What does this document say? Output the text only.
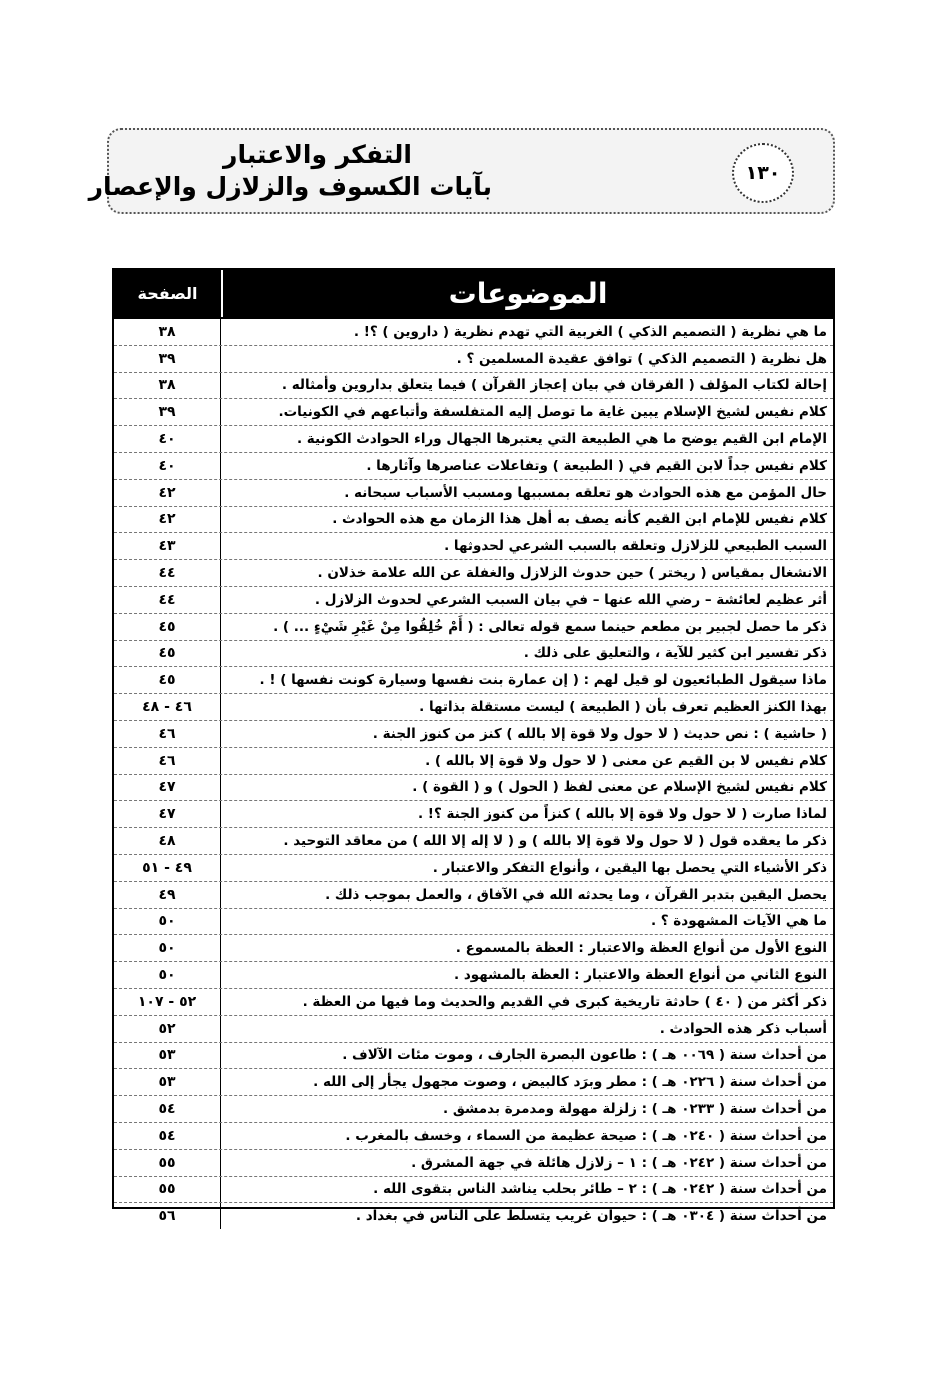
١٣٠
التفكر والاعتبار
بآيات الكسوف والزلازل والإعصار
الصفحة	الموضوعات
٣٨	ما هي نظرية ( التصميم الذكي ) الغربية التي تهدم نظرية ( داروين ) ؟! .
٣٩	هل نظرية ( التصميم الذكي ) توافق عقيدة المسلمين ؟ .
٣٨	إحالة لكتاب المؤلف ( الفرقان في بيان إعجاز القرآن ) فيما يتعلق بداروين وأمثاله .
٣٩	كلام نفيس لشيخ الإسلام يبين غاية ما توصل إليه المتفلسفة وأتباعهم في الكونيات.
٤٠	الإمام ابن القيم يوضح ما هي الطبيعة التي يعتبرها الجهال وراء الحوادث الكونية .
٤٠	كلام نفيس جداً لابن القيم في ( الطبيعة ) وتفاعلات عناصرها وآثارها .
٤٢	حال المؤمن مع هذه الحوادث هو تعلقه بمسببها ومسبب الأسباب سبحانه .
٤٢	كلام نفيس للإمام ابن القيم كأنه يصف به أهل هذا الزمان مع هذه الحوادث .
٤٣	السبب الطبيعي للزلازل وتعلقه بالسبب الشرعي لحدوثها .
٤٤	الانشغال بمقياس ( ريختر ) حين حدوث الزلازل والغفلة عن الله علامة خذلان .
٤٤	أثر عظيم لعائشة – رضي الله عنها – في بيان السبب الشرعي لحدوث الزلازل .
٤٥	ذكر ما حصل لجبير بن مطعم حينما سمع قوله تعالى : ( أَمْ خُلِقُوا مِنْ غَيْرِ شَيْءٍ ... ) .
٤٥	ذكر تفسير ابن كثير للآية ، والتعليق على ذلك .
٤٥	ماذا سيقول الطبائعيون لو قيل لهم : ( إن عمارة بنت نفسها وسيارة كونت نفسها ) ! .
٤٦ - ٤٨	بهذا الكنز العظيم تعرف بأن ( الطبيعة ) ليست مستقلة بذاتها .
٤٦	( حاشية ) : نص حديث ( لا حول ولا قوة إلا بالله ) كنز من كنوز الجنة .
٤٦	كلام نفيس لا بن القيم عن معنى ( لا حول ولا قوة إلا بالله ) .
٤٧	كلام نفيس لشيخ الإسلام عن معنى لفظ ( الحول ) و ( القوة ) .
٤٧	لماذا صارت ( لا حول ولا قوة إلا بالله ) كنزاً من كنوز الجنة ؟! .
٤٨	ذكر ما يعقده قول ( لا حول ولا قوة إلا بالله ) و ( لا إله إلا الله ) من معاقد التوحيد .
٤٩ - ٥١	ذكر الأشياء التي يحصل بها اليقين ، وأنواع التفكر والاعتبار .
٤٩	يحصل اليقين بتدبر القرآن ، وما يحدثه الله في الآفاق ، والعمل بموجب ذلك .
٥٠	ما هي الآيات المشهودة ؟ .
٥٠	النوع الأول من أنواع العظة والاعتبار : العظة بالمسموع .
٥٠	النوع الثاني من أنواع العظة والاعتبار : العظة بالمشهود .
٥٢ - ١٠٧	ذكر أكثر من ( ٤٠ ) حادثة تاريخية كبرى في القديم والحديث وما فيها من العظة .
٥٢	أسباب ذكر هذه الحوادث .
٥٣	من أحداث سنة ( ٠٠٦٩ هـ ) : طاعون البصرة الجارف ، وموت مئات الآلاف .
٥٣	من أحداث سنة ( ٠٢٢٦ هـ ) : مطر وبرَد كالبيض ، وصوت مجهول يجأر إلى الله .
٥٤	من أحداث سنة ( ٠٢٣٣ هـ ) : زلزلة مهولة ومدمرة بدمشق .
٥٤	من أحداث سنة ( ٠٢٤٠ هـ ) : صيحة عظيمة من السماء ، وخسف بالمغرب .
٥٥	من أحداث سنة ( ٠٢٤٢ هـ ) : ١ – زلازل هائلة في جهة المشرق .
٥٥	من أحداث سنة ( ٠٢٤٢ هـ ) : ٢ – طائر بحلب يناشد الناس بتقوى الله .
٥٦	من أحداث سنة ( ٠٣٠٤ هـ ) : حيوان غريب يتسلط على الناس في بغداد .
